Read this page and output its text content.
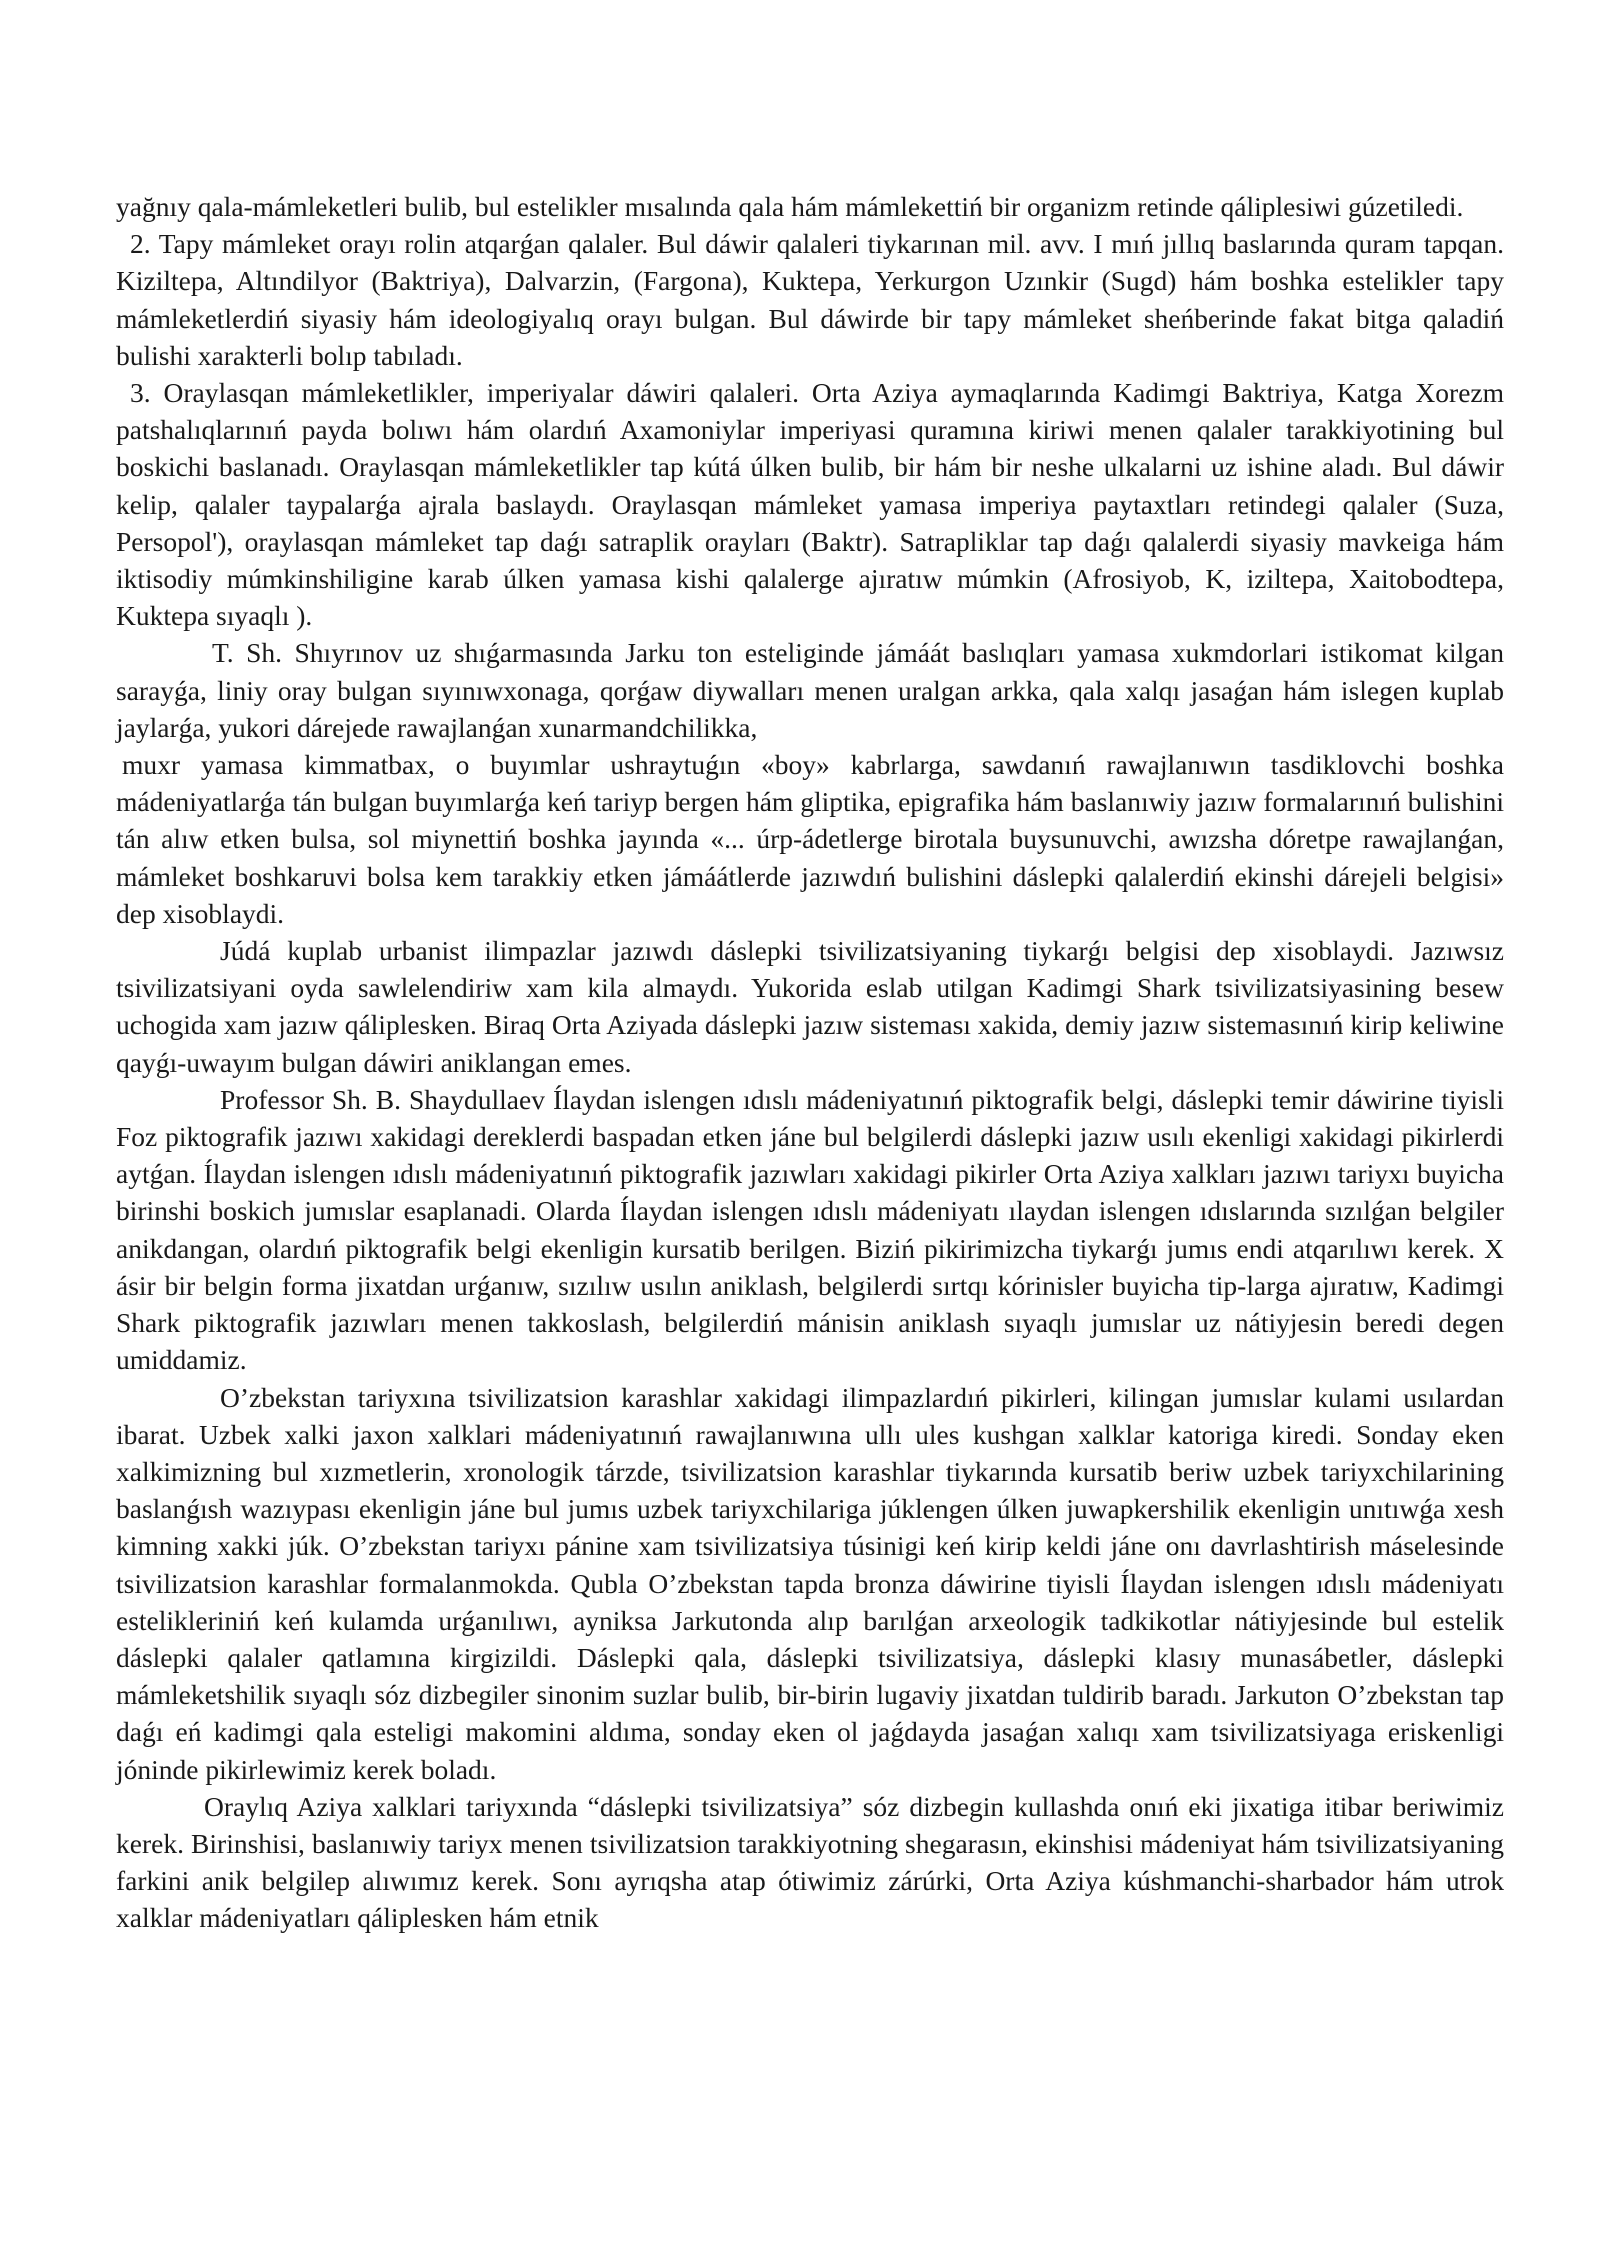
yağnıy qala-mámleketleri bulib, bul estelikler mısalında qala hám mámlekettiń bir organizm retinde qáliplesiwi gúzetiledi.

2. Tapy mámleket orayı rolin atqarǵan qalaler. Bul dáwir qalaleri tiykarınan mil. avv. I mıń jıllıq baslarında quram tapqan. Kiziltepa, Altındilyor (Baktriya), Dalvarzin, (Fargona), Kuktepa, Yerkurgon Uzınkir (Sugd) hám boshka estelikler tapy mámleketlerdiń siyasiy hám ideologiyalıq orayı bulgan. Bul dáwirde bir tapy mámleket sheńberinde fakat bitga qaladiń bulishi xarakterli bolıp tabıladı.

3. Oraylasqan mámleketlikler, imperiyalar dáwiri qalaleri. Orta Aziya aymaqlarında Kadimgi Baktriya, Katga Xorezm patshalıqlarınıń payda bolıwı hám olardıń Axamoniylar imperiyasi quramına kiriwi menen qalaler tarakkiyotining bul boskichi baslanadı. Oraylasqan mámleketlikler tap kútá úlken bulib, bir hám bir neshe ulkalarni uz ishine aladı. Bul dáwir kelip, qalaler taypalarǵa ajrala baslaydı. Oraylasqan mámleket yamasa imperiya paytaxtları retindegi qalaler (Suza, Persopol'), oraylasqan mámleket tap daǵı satraplik orayları (Baktr). Satrapliklar tap daǵı qalalerdi siyasiy mavkeiga hám iktisodiy múmkinshiligine karab úlken yamasa kishi qalalerge ajıratıw múmkin (Afrosiyob, K, iziltepa, Xaitobodtepa, Kuktepa sıyaqlı ).

T. Sh. Shıyrınov uz shıǵarmasında Jarku ton esteliginde jámáát baslıqları yamasa xukmdorlari istikomat kilgan sarayǵa, liniy oray bulgan sıyınıwxonaga, qorǵaw diywalları menen uralgan arkka, qala xalqı jasaǵan hám islegen kuplab jaylarǵa, yukori dárejede rawajlanǵan xunarmandchilikka,

muxr yamasa kimmatbax, o buyımlar ushraytuǵın «boy» kabrlarga, sawdanıń rawajlanıwın tasdiklovchi boshka mádeniyatlarǵa tán bulgan buyımlarǵa keń tariyp bergen hám gliptika, epigrafika hám baslanıwiy jazıw formalarınıń bulishini tán alıw etken bulsa, sol miynettiń boshka jayında «... úrp-ádetlerge birotala buysunuvchi, awızsha dóretpe rawajlanǵan, mámleket boshkaruvi bolsa kem tarakkiy etken jámáátlerde jazıwdıń bulishini dáslepki qalalerdiń ekinshi dárejeli belgisi» dep xisoblaydi.

Júdá kuplab urbanist ilimpazlar jazıwdı dáslepki tsivilizatsiyaning tiykarǵı belgisi dep xisoblaydi. Jazıwsız tsivilizatsiyani oyda sawlelendiriw xam kila almaydı. Yukorida eslab utilgan Kadimgi Shark tsivilizatsiyasining besew uchogida xam jazıw qáliplesken. Biraq Orta Aziyada dáslepki jazıw sisteması xakida, demiy jazıw sistemasınıń kirip keliwine qayǵı-uwayım bulgan dáwiri aniklangan emes.

Professor Sh. B. Shaydullaev Ílaydan islengen ıdıslı mádeniyatınıń piktografik belgi, dáslepki temir dáwirine tiyisli Foz piktografik jazıwı xakidagi dereklerdi baspadan etken jáne bul belgilerdi dáslepki jazıw usılı ekenligi xakidagi pikirlerdi aytǵan. Ílaydan islengen ıdıslı mádeniyatınıń piktografik jazıwları xakidagi pikirler Orta Aziya xalkları jazıwı tariyxı buyicha birinshi boskich jumıslar esaplanadi. Olarda Ílaydan islengen ıdıslı mádeniyatı ılaydan islengen ıdıslarında sızılǵan belgiler anikdangan, olardıń piktografik belgi ekenligin kursatib berilgen. Biziń pikirimizcha tiykarǵı jumıs endi atqarılıwı kerek. X ásir bir belgin forma jixatdan urǵanıw, sızılıw usılın aniklash, belgilerdi sırtqı kórinisler buyicha tip-larga ajıratıw, Kadimgi Shark piktografik jazıwları menen takkoslash, belgilerdiń mánisin aniklash sıyaqlı jumıslar uz nátiyjesin beredi degen umiddamiz.

O’zbekstan tariyxına tsivilizatsion karashlar xakidagi ilimpazlardıń pikirleri, kilingan jumıslar kulami usılardan ibarat. Uzbek xalki jaxon xalklari mádeniyatınıń rawajlanıwına ullı ules kushgan xalklar katoriga kiredi. Sonday eken xalkimizning bul xızmetlerin, xronologik tárzde, tsivilizatsion karashlar tiykarında kursatib beriw uzbek tariyxchilarining baslanǵısh wazıypası ekenligin jáne bul jumıs uzbek tariyxchilariga júklengen úlken juwapkershilik ekenligin unıtıwǵa xesh kimning xakki júk. O’zbekstan tariyxı pánine xam tsivilizatsiya túsinigi keń kirip keldi jáne onı davrlashtirish máselesinde tsivilizatsion karashlar formalanmokda. Qubla O’zbekstan tapda bronza dáwirine tiyisli Ílaydan islengen ıdıslı mádeniyatı estelikleriniń keń kulamda urǵanılıwı, ayniksa Jarkutonda alıp barılǵan arxeologik tadkikotlar nátiyjesinde bul estelik dáslepki qalaler qatlamına kirgizildi. Dáslepki qala, dáslepki tsivilizatsiya, dáslepki klasıy munasábetler, dáslepki mámleketshilik sıyaqlı sóz dizbegiler sinonim suzlar bulib, bir-birin lugaviy jixatdan tuldirib baradı. Jarkuton O’zbekstan tap daǵı eń kadimgi qala esteligi makomini aldıma, sonday eken ol jaǵdayda jasaǵan xalıqı xam tsivilizatsiyaga eriskenligi jóninde pikirlewimiz kerek boladı.

Oraylıq Aziya xalklari tariyxında “dáslepki tsivilizatsiya” sóz dizbegin kullashda onıń eki jixatiga itibar beriwimiz kerek. Birinshisi, baslanıwiy tariyx menen tsivilizatsion tarakkiyotning shegarasın, ekinshisi mádeniyat hám tsivilizatsiyaning farkini anik belgilep alıwımız kerek. Sonı ayrıqsha atap ótiwimiz zárúrki, Orta Aziya kúshmanchi-sharbador hám utrok xalklar mádeniyatları qáliplesken hám etnik
